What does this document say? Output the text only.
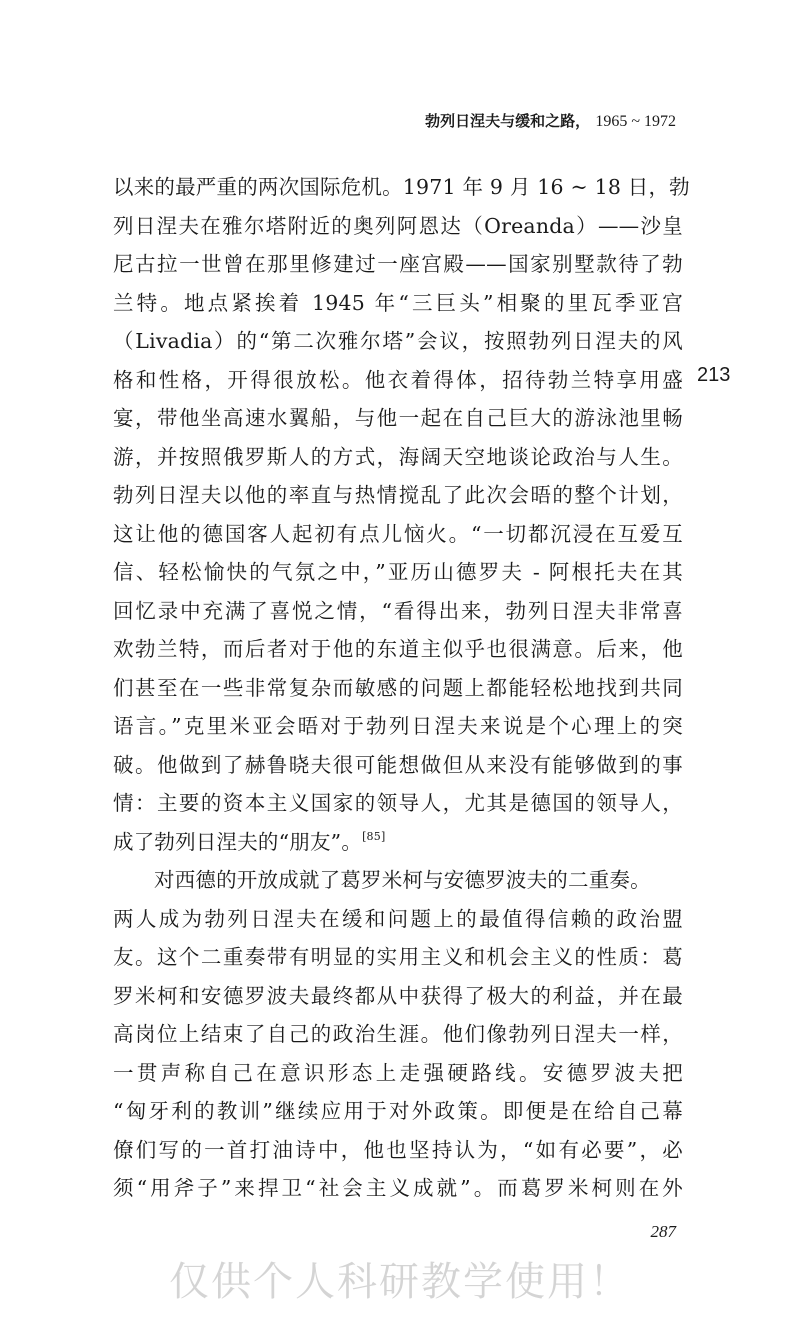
勃列日涅夫与缓和之路， 1965 ~ 1972
213
以来的最严重的两次国际危机。1971 年 9 月 16 ~ 18 日，勃
列日涅夫在雅尔塔附近的奥列阿恩达（Oreanda）——沙皇
尼古拉一世曾在那里修建过一座宫殿——国家别墅款待了勃
兰特。地点紧挨着 1945 年“三巨头”相聚的里瓦季亚宫
（Livadia）的“第二次雅尔塔”会议，按照勃列日涅夫的风
格和性格，开得很放松。他衣着得体，招待勃兰特享用盛
宴，带他坐高速水翼船，与他一起在自己巨大的游泳池里畅
游，并按照俄罗斯人的方式，海阔天空地谈论政治与人生。
勃列日涅夫以他的率直与热情搅乱了此次会晤的整个计划，
这让他的德国客人起初有点儿恼火。“一切都沉浸在互爱互
信、轻松愉快的气氛之中，”亚历山德罗夫 - 阿根托夫在其
回忆录中充满了喜悦之情，“看得出来，勃列日涅夫非常喜
欢勃兰特，而后者对于他的东道主似乎也很满意。后来，他
们甚至在一些非常复杂而敏感的问题上都能轻松地找到共同
语言。”克里米亚会晤对于勃列日涅夫来说是个心理上的突
破。他做到了赫鲁晓夫很可能想做但从来没有能够做到的事
情：主要的资本主义国家的领导人，尤其是德国的领导人，
成了勃列日涅夫的“朋友”。[85]
对西德的开放成就了葛罗米柯与安德罗波夫的二重奏。
两人成为勃列日涅夫在缓和问题上的最值得信赖的政治盟
友。这个二重奏带有明显的实用主义和机会主义的性质：葛
罗米柯和安德罗波夫最终都从中获得了极大的利益，并在最
高岗位上结束了自己的政治生涯。他们像勃列日涅夫一样，
一贯声称自己在意识形态上走强硬路线。安德罗波夫把
“匈牙利的教训”继续应用于对外政策。即便是在给自己幕
僚们写的一首打油诗中，他也坚持认为，“如有必要”，必
须“用斧子”来捍卫“社会主义成就”。而葛罗米柯则在外
287
仅供个人科研教学使用！
